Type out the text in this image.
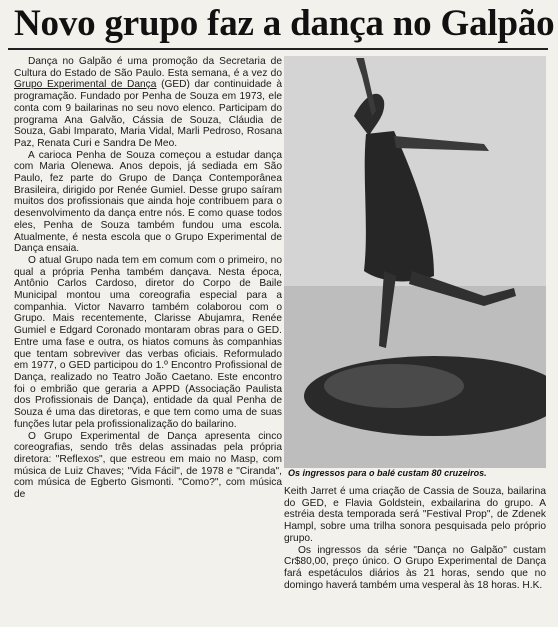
Novo grupo faz a dança no Galpão

Dança no Galpão é uma promoção da Secretaria de Cultura do Estado de São Paulo. Esta semana, é a vez do Grupo Experimental de Dança (GED) dar continuidade à programação. Fundado por Penha de Souza em 1973, ele conta com 9 bailarinas no seu novo elenco. Participam do programa Ana Galvão, Cássia de Souza, Cláudia de Souza, Gabi Imparato, Maria Vidal, Marli Pedroso, Rosana Paz, Renata Curi e Sandra De Meo.

A carioca Penha de Souza começou a estudar dança com Maria Olenewa. Anos depois, já sediada em São Paulo, fez parte do Grupo de Dança Contemporânea Brasileira, dirigido por Renée Gumiel. Desse grupo saíram muitos dos profissionais que ainda hoje contribuem para o desenvolvimento da dança entre nós. E como quase todos eles, Penha de Souza também fundou uma escola. Atualmente, é nesta escola que o Grupo Experimental de Dança ensaia.

O atual Grupo nada tem em comum com o primeiro, no qual a própria Penha também dançava. Nesta época, Antônio Carlos Cardoso, diretor do Corpo de Baile Municipal montou uma coreografia especial para a companhia. Victor Navarro também colaborou com o Grupo. Mais recentemente, Clarisse Abujamra, Renée Gumiel e Edgard Coronado montaram obras para o GED. Entre uma fase e outra, os hiatos comuns às companhias que tentam sobreviver das verbas oficiais. Reformulado em 1977, o GED participou do 1.º Encontro Profissional de Dança, realizado no Teatro João Caetano. Este encontro foi o embrião que geraria a APPD (Associação Paulista dos Profissionais de Dança), entidade da qual Penha de Souza é uma das diretoras, e que tem como uma de suas funções lutar pela profissionalização do bailarino.

O Grupo Experimental de Dança apresenta cinco coreografias, sendo três delas assinadas pela própria diretora: "Reflexos", que estreou em maio no Masp, com música de Luiz Chaves; "Vida Fácil", de 1978 e "Ciranda", com música de Egberto Gismonti. "Como?", com música de

Os ingressos para o balé custam 80 cruzeiros.

Keith Jarret é uma criação de Cassia de Souza, bailarina do GED, e Flavia Goldstein, exbailarina do grupo. A estréia desta temporada será "Festival Prop", de Zdenek Hampl, sobre uma trilha sonora pesquisada pelo próprio grupo.

Os ingressos da série "Dança no Galpão" custam Cr$80,00, preço único. O Grupo Experimental de Dança fará espetáculos diários às 21 horas, sendo que no domingo haverá também uma vesperal às 18 horas. H.K.
